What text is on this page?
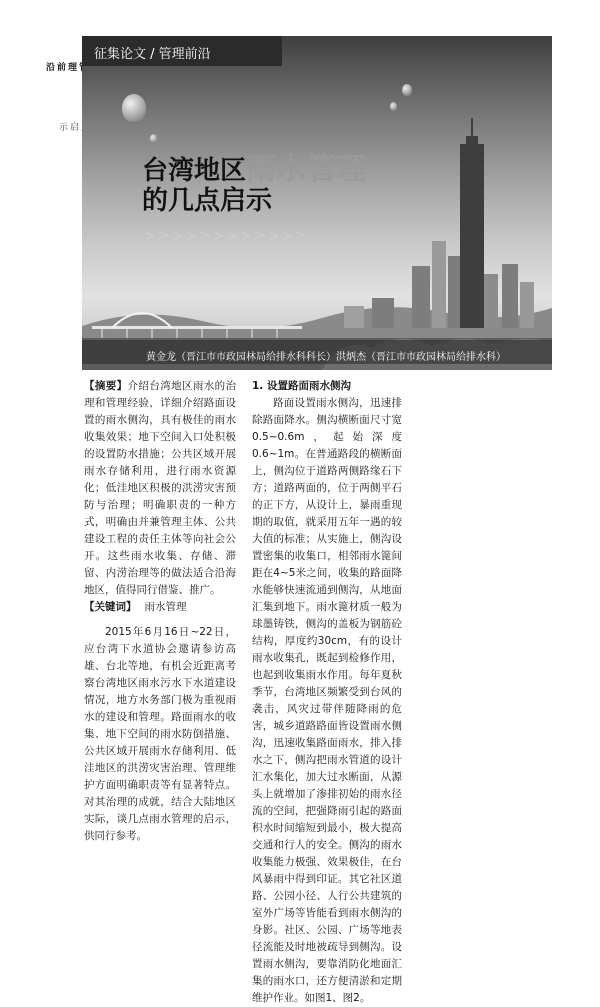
理前沿
启示
台湾地区雨水管理
的几点启示
>>>>>>>>>>>>
黄金龙（晋江市市政园林局给排水科科长）洪炳杰（晋江市市政园林局给排水科）
征集论文 / 管理前沿

【摘要】介绍台湾地区雨水的治理和管理经验，详细介绍路面设置的雨水侧沟，具有极佳的雨水收集效果；地下空间入口处积极的设置防水措施；公共区域开展雨水存储利用，进行雨水资源化；低洼地区积极的洪涝灾害预防与治理；明确职责的一种方式，明确由并兼管理主体、公共建设工程的责任主体等向社会公开。这些雨水收集、存储、滞留、内涝治理等的做法适合沿海地区，值得同行借鉴、推广。

【关键词】 雨水管理

2015年6月16日~22日，应台湾下水道协会邀请参访高雄、台北等地，有机会近距离考察台湾地区雨水污水下水道建设情况，地方水务部门极为重视雨水的建设和管理。路面雨水的收集、地下空间的雨水防倒措施、公共区域开展雨水存储利用、低洼地区的洪涝灾害治理、管理维护方面明确职责等有显著特点。对其治理的成就，结合大陆地区实际，谈几点雨水管理的启示，供同行参考。

1. 设置路面雨水侧沟

路面设置雨水侧沟，迅速排除路面降水。侧沟横断面尺寸宽0.5~0.6m，起始深度0.6~1m。在普通路段的横断面上，侧沟位于道路两侧路缘石下方；道路两面的，位于两侧平石的正下方，从设计上，暴雨重现期的取值，就采用五年一遇的较大值的标准；从实施上，侧沟设置密集的收集口，相邻雨水篦间距在4~5米之间，收集的路面降水能够快速流通到侧沟，从地面汇集到地下。雨水篦材质一般为球墨铸铁，侧沟的盖板为钢筋砼结构，厚度约30cm，有的设计雨水收集孔，既起到检修作用，也起到收集雨水作用。每年夏秋季节，台湾地区频繁受到台风的袭击，风灾过带伴随降雨的危害，城乡道路路面皆设置雨水侧沟，迅速收集路面雨水，排入排水之下，侧沟把雨水管道的设计汇水集化，加大过水断面，从源头上就增加了渗排初始的雨水径流的空间，把强降雨引起的路面积水时间缩短到最小，极大提高交通和行人的安全。侧沟的雨水收集能力极强、效果极佳，在台风暴雨中得到印证。其它社区道路、公园小径、人行公共建筑的室外广场等皆能看到雨水侧沟的身影。社区、公园、广场等地表径流能及时地被疏导到侧沟。设置雨水侧沟，要靠消防化地面汇集的雨水口，还方便清淤和定期维护作业。如图1、图2。
